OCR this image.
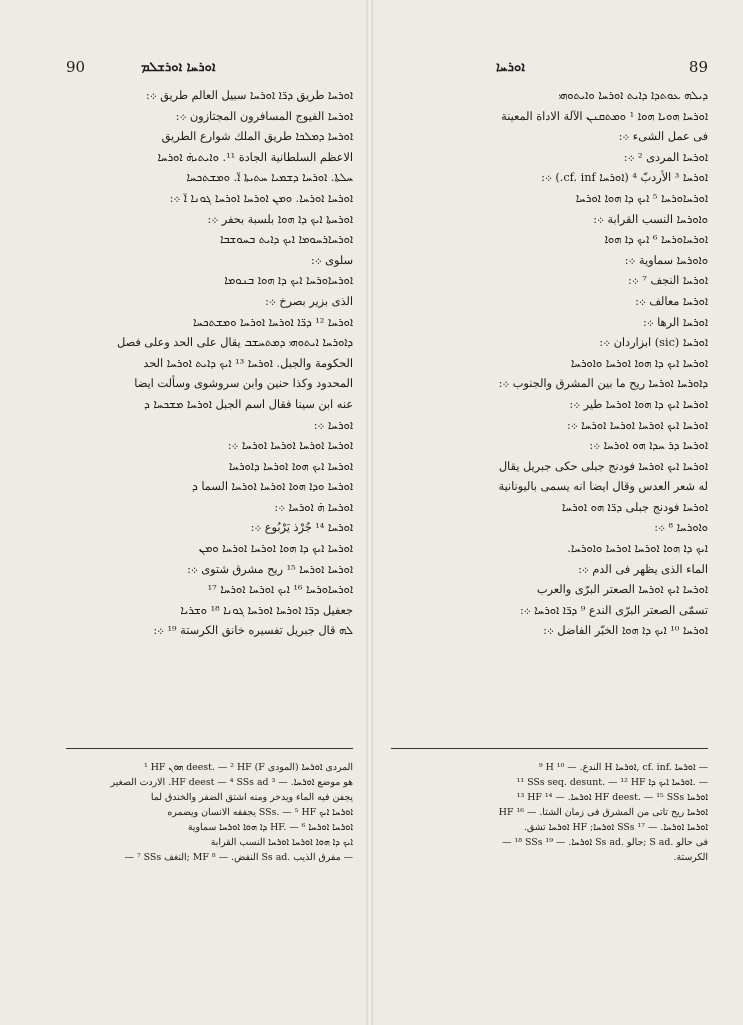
90	ܐܘܪܚܐ ܐܘܪܫܠܡ
ܐܘܪܚܐ طريق ܕܪ̈ܐ ܐܘܪܚܐ سبيل العالم طريق ܀:
ܐܘܪܚܐ الفيوج المسافرون المجتازون ܀:
ܐܘܪܚܐ ܕܡܠܟܐ طريق الملك شوارع الطريق
الاعظم السلطانية الجادة ¹¹. ܘܐܝܬܝܗ̇ ܐܘܪܚܐ
ܚܠܬܐ. ܐܘܪܚܐ ܕܫܡܝܐ ܚܬܝܬܐ ܐ̈. ܘܡܫܬܟܚܐ
ܐܘܪܚܐ ܐܘܪܚܐ. ܘܡܢ ܐܘܪܚܐ ܐܘܪܚܐ ܓܘܢܐ ܐ̈ ܀:
ܐܘܪܚܬܐ ܐܝܟ ܕܐ ܗܘܐ بلسبة بحفر ܀:
ܐܘܪܚܐܪܚܘܡܐ ܐܝܟ ܕܐܝܬ ܒܚܘܫܒܐ
سلوى ܀:
ܐܘܪܚܐܘܪܚܐ ܐܝܟ ܕܐ ܗܘܐ ܒܢܘܡܐ
الذى بزير بصرخ ܀:
ܐܘܪܚܐ ¹² ܕܪ̈ܐ ܐܘܪܚܐ ܐܘܪܚܐ ܘܡܫܬܟܚܐ
ܕܐܘܪܚܐ ܐܝܬܘܗܝ ܕܡܬܚܫܒ يقال على الحد وعلى فصل
الحكومة والجبل. ܐܘܪܚܐ ¹³ ܐܝܟ ܕܐܝܬ ܐܘܪܚܐ الحد
المحدود وكذا حنين وابن سروشوى وسألت ايضا
عنه ابن سينا فقال اسم الجبل ܐܘܪܚܐ ܡܫܟܚܐ ܕ
ܐܘܪܚܐ ܀:
ܐܘܪܚܐ ܐܘܪܚܐ ܐܘܪܚܐ ܐܘܪܚܐ ܀:
ܐܘܪܚܐ ܐܝܟ ܗܘܐ ܐܘܪܚܐ ܕܐܘܪܚܐ
ܐܘܪܚܐ ܘܕܐ ܗܘܐ ܐܘܪܚܐ ܐܘܪܚܐ السما ܕ
ܐܘܪܚܐ ܗ̇ ܐܘܪܚܐ ܀:
ܐܘܪܚܐ ¹⁴ جُرْذ يَرْبُوع ܀:
ܐܘܪܚܐ ܐܝܟ ܕܐ ܗܘܐ ܐܘܪܚܐ ܐܘܪܚܐ ܘܡܢ
ܐܘܪܚܐ ܐܘܪܚܐ ¹⁵ ريح مشرق شتوى ܀:
ܐܘܪܚܐܘܪܚܐ ¹⁶ ܐܝܟ ܐܘܪܚܐ ܐܘܪܚܐ ¹⁷
جعفيل ܕܪ̈ܐ ܐܘܪܚܐ ܐܘܪܚܐ ܓܘܢܐ ¹⁸ ܘܫܪܝܐ
ܠܗ قال جبريل تفسيره خانق الكرستة ¹⁹ ܀:
ܐܘܪܚܐ	89
ܕܝܠܗ ܥܘܬܕܐ ܕܐܝܬ ܐܘܪܚܐ ܘܐܝܬܘܗܝ
ܐܘܪܚܐ ܗܘܝܐ ܗܘܐ ¹ ܘܡܬܩܢܢ الآلة الاداة المعينة
فى عمل الشىء ܀:
ܐܘܪܚܐ المردى ² ܀:
ܐܘܪܚܐ ³ الأردبّ ⁴ (ܐܘܪܚܐ cf. inf.) ܀:
ܐܘܪܚܐܘܪܚܐ ⁵ ܐܝܟ ܕܐ ܗܘܐ ܐܘܪܚܐ
ܘܐܘܪܚܐ النسب القرابة ܀:
ܐܘܪܚܐܘܪܚܐ ⁶ ܐܝܟ ܕܐ ܗܘܐ
ܘܐܘܪܚܐ سماوية ܀:
ܐܘܪܚܐ النجف ⁷ ܀:
ܐܘܪܚܐ معالف ܀:
ܐܘܪܚܐ الرها ܀:
ܐܘܪܚܐ (sic) ابزاردان ܀:
ܐܘܪܚܐ ܐܝܟ ܕܐ ܗܘܐ ܐܘܪܚܐ ܘܐܘܪܚܐ
ܕܐܘܪܚܐ ܐܘܪܚܐ ريح ما بين المشرق والجنوب ܀:
ܐܘܪܚܐ ܐܝܟ ܕܐ ܗܘܐ ܐܘܪܚܐ طير ܀:
ܐܘܪܚܐ ܐܝܟ ܐܘܪܚܐ ܐܘܪܚܐ ܐܘܪܚܐ ܀:
ܐܘܪܚܐ ܕܪ ܚܕܐ ܗܘ ܐܘܪܚܐ ܀:
ܐܘܪܚܐ ܐܝܟ ܐܘܪܚܐ فودنج جبلى حكى جبريل يقال
له شعر العدس وقال ايضا انه يسمى باليونانية
ܐܘܪܚܐ فودنج جبلى ܕܪ̈ܐ ܗܘ ܐܘܪܚܐ
ܘܐܘܪܚܐ ⁸ ܀:
ܐܝܟ ܕܐ ܗܘܐ ܐܘܪܚܐ ܐܘܪܚܐ ܘܐܘܪܚܐ.
الماء الذى يظهر فى الدم ܀:
ܐܘܪܚܐ ܐܝܟ ܐܘܪܚܐ الصعتر البرّى والعرب
تسمّى الصعتر البرّى الندع ⁹ ܕܪ̈ܐ ܐܘܪܚܐ ܀:
ܐܘܪܚܐ ¹⁰ ܐܝܟ ܕܐ ܗܘܐ الخبّر الفاضل ܀:
¹ HF ܗܘܢ deest. — ² HF (F المودى) المردى ܐܘܪܚܐ
هو موضع ܐܘܪܚܐ. — ³ HF deest — ⁴ SSs ad. الاردت الصغير
يجفن فيه الماء ويدخر ومنه اشتق الضفر والخندق لما
ܐܘܪܚܐ ܐܝܟ SSs. — ⁵ HF يجففه الانسان ويضمره
ܐܘܪܚܐ ܐܘܪܚܐ HF. — ⁶ ܕܐ ܗܘܐ ܐܘܪܚܐ سماوية
ܐܝܟ ܕܐ ܗܘܐ ܐܘܪܚܐ ܐܘܪܚܐ النسب القرابة
— ⁷ SSs النغف; MF النفض. — ⁸ Ss ad. مفرق الذيب —
⁹ H الندع. — ¹⁰ H ܐܘܪܚܐ, cf. inf. ܐܘܪܚܐ —
¹¹ SSs seq. desunt. — ¹² HF ܐܘܪܚܐ ܐܝܟ ܕܐ. —
¹³ HF ܐܘܪܚܐ. — ¹⁴ HF deest. — ¹⁵ SSs ܐܘܪܚܐ
ܐܘܪܚܐ ريح تاتى من المشرق فى زمان الشتا. — ¹⁶ HF
ܐܘܪܚܐ ܐܘܪܚܐ. — ¹⁷ SSs ܐܘܪܚܐ; HF ܐܘܪܚܐ تشق.
— ¹⁸ SSs ܐܘܪܚܐ. — ¹⁹ Ss ad. حالو; S ad. فى حالو
الكرستة.
